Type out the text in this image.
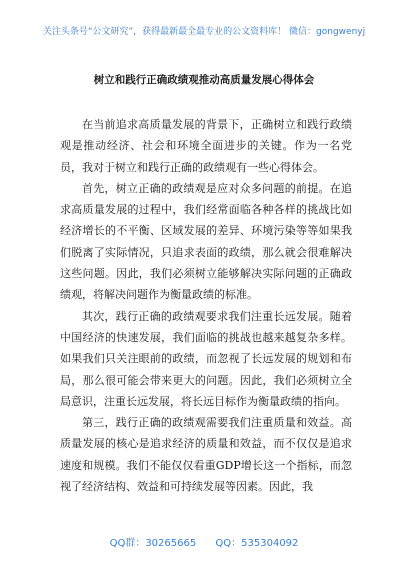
关注头条号“公文研究”，获得最新最全最专业的公文资料库！ 微信：gongwenyj
树立和践行正确政绩观推动高质量发展心得体会

在当前追求高质量发展的背景下，正确树立和践行政绩观是推动经济、社会和环境全面进步的关键。作为一名党员，我对于树立和践行正确的政绩观有一些心得体会。

首先，树立正确的政绩观是应对众多问题的前提。在追求高质量发展的过程中，我们经常面临各种各样的挑战比如经济增长的不平衡、区域发展的差异、环境污染等等如果我们脱离了实际情况，只追求表面的政绩，那么就会很难解决这些问题。因此，我们必须树立能够解决实际问题的正确政绩观，将解决问题作为衡量政绩的标准。

其次，践行正确的政绩观要求我们注重长远发展。随着中国经济的快速发展，我们面临的挑战也越来越复杂多样。如果我们只关注眼前的政绩，而忽视了长远发展的规划和布局，那么很可能会带来更大的问题。因此，我们必须树立全局意识，注重长远发展，将长远目标作为衡量政绩的指向。

第三，践行正确的政绩观需要我们注重质量和效益。高质量发展的核心是追求经济的质量和效益，而不仅仅是追求速度和规模。我们不能仅仅看重GDP增长这一个指标，而忽视了经济结构、效益和可持续发展等因素。因此，我

QQ群：30265665 QQ：535304092
